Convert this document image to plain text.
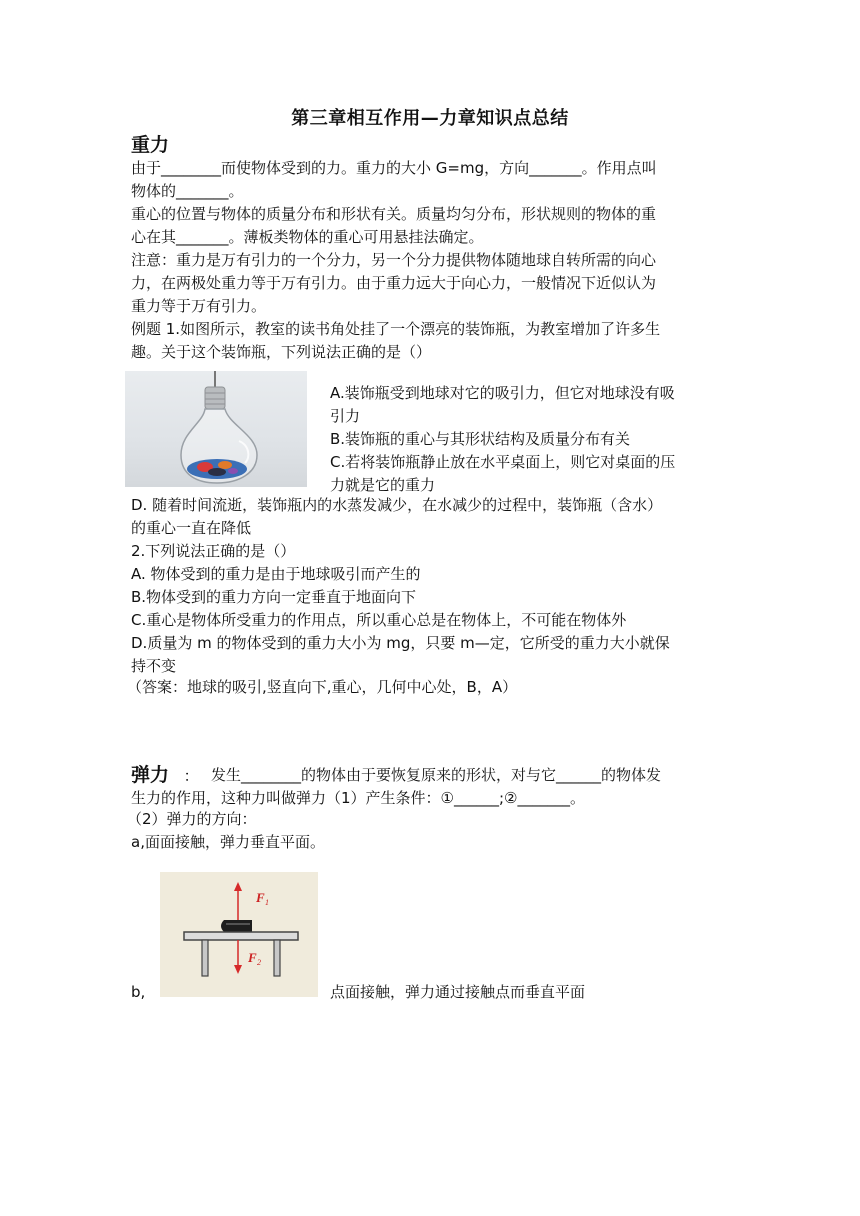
第三章相互作用—力章知识点总结
重力

由于________而使物体受到的力。重力的大小 G=mg，方向_______。作用点叫

物体的_______。

重心的位置与物体的质量分布和形状有关。质量均匀分布，形状规则的物体的重

心在其_______。薄板类物体的重心可用悬挂法确定。

注意：重力是万有引力的一个分力，另一个分力提供物体随地球自转所需的向心

力，在两极处重力等于万有引力。由于重力远大于向心力，一般情况下近似认为

重力等于万有引力。

例题 1.如图所示，教室的读书角处挂了一个漂亮的装饰瓶，为教室增加了许多生

趣。关于这个装饰瓶，下列说法正确的是（）

A.装饰瓶受到地球对它的吸引力，但它对地球没有吸

引力

B.装饰瓶的重心与其形状结构及质量分布有关

C.若将装饰瓶静止放在水平桌面上，则它对桌面的压

力就是它的重力

D. 随着时间流逝，装饰瓶内的水蒸发减少，在水减少的过程中，装饰瓶（含水）

的重心一直在降低

2.下列说法正确的是（）

A. 物体受到的重力是由于地球吸引而产生的

B.物体受到的重力方向一定垂直于地面向下

C.重心是物体所受重力的作用点，所以重心总是在物体上，不可能在物体外

D.质量为 m 的物体受到的重力大小为 mg，只要 m—定，它所受的重力大小就保

持不变

（答案：地球的吸引,竖直向下,重心，几何中心处，B，A）

弹力 ： 发生________的物体由于要恢复原来的形状，对与它______的物体发

生力的作用，这种力叫做弹力（1）产生条件：①______;②_______。

（2）弹力的方向：

a,面面接触，弹力垂直平面。

F 1
F 2

b,	点面接触，弹力通过接触点而垂直平面
